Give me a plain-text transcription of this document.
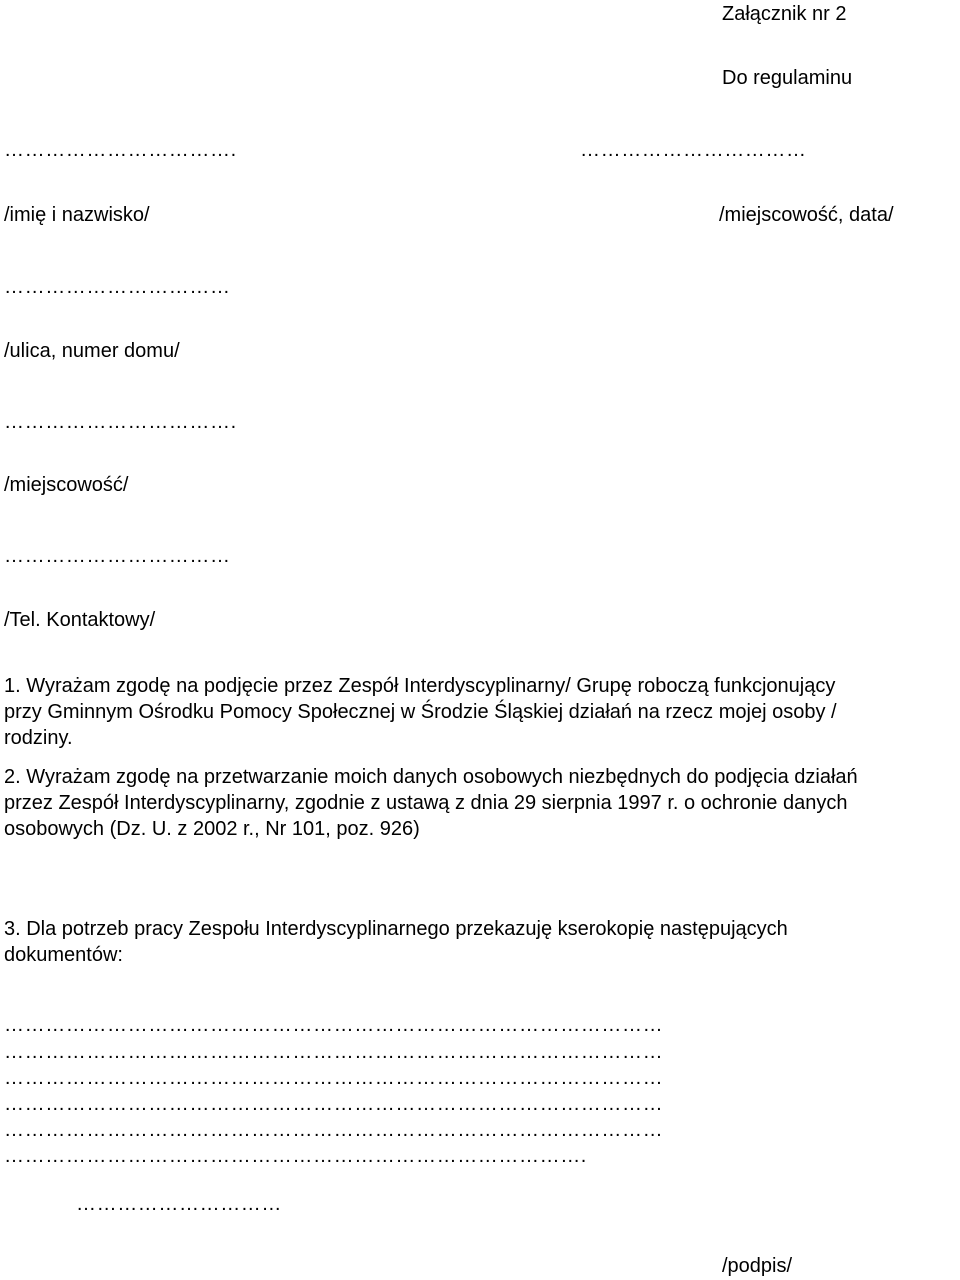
Załącznik nr 2
Do regulaminu
…………………………….	……………………………
/imię i nazwisko/	/miejscowość, data/
……………………………
/ulica, numer domu/
…………………………….
/miejscowość/
……………………………
/Tel. Kontaktowy/
1. Wyrażam zgodę na podjęcie przez Zespół Interdyscyplinarny/ Grupę roboczą funkcjonujący
przy Gminnym Ośrodku Pomocy Społecznej w Środzie Śląskiej działań na rzecz mojej osoby /
rodziny.
2. Wyrażam zgodę na przetwarzanie moich danych osobowych niezbędnych do podjęcia działań
przez Zespół Interdyscyplinarny, zgodnie z ustawą z dnia 29 sierpnia 1997 r. o ochronie danych
osobowych (Dz. U. z 2002 r., Nr 101, poz. 926)
3. Dla potrzeb pracy Zespołu Interdyscyplinarnego przekazuję kserokopię następujących
dokumentów:
……………………………………………………………………………………
……………………………………………………………………………………
……………………………………………………………………………………
……………………………………………………………………………………
……………………………………………………………………………………
………………………………………………………………………….
…………………………
/podpis/
